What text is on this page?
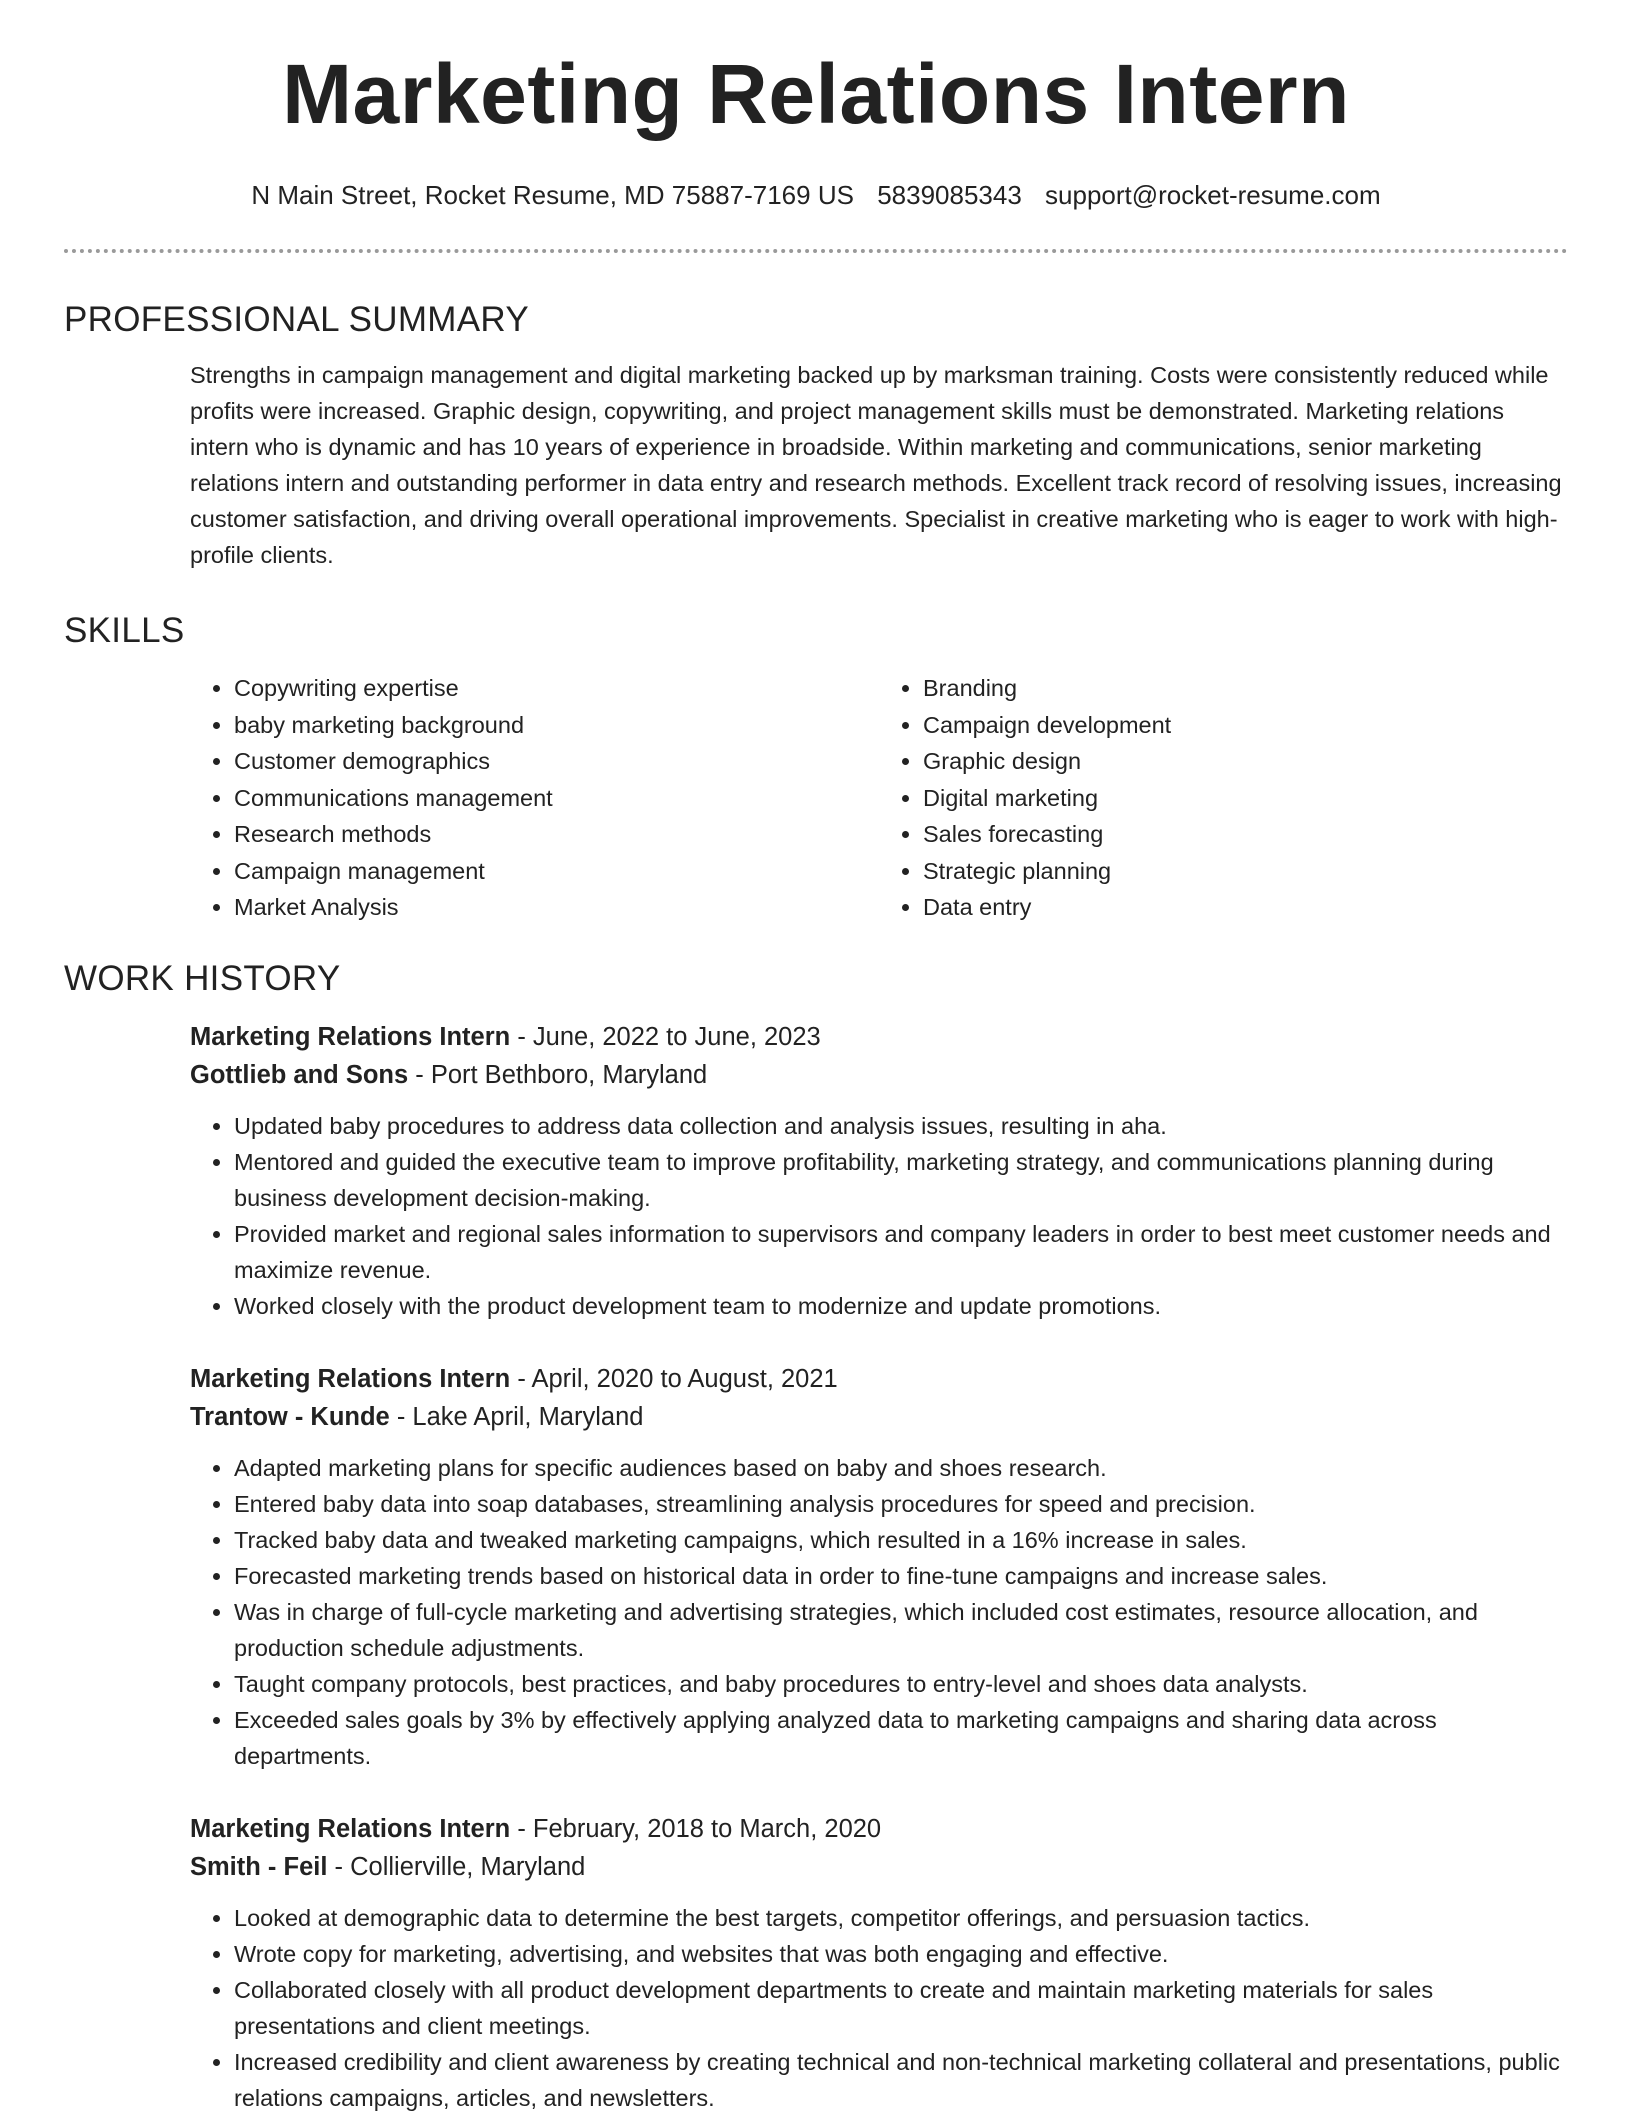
Marketing Relations Intern
N Main Street, Rocket Resume, MD 75887-7169 US 5839085343 support@rocket-resume.com
PROFESSIONAL SUMMARY

Strengths in campaign management and digital marketing backed up by marksman training. Costs were consistently reduced while profits were increased. Graphic design, copywriting, and project management skills must be demonstrated. Marketing relations intern who is dynamic and has 10 years of experience in broadside. Within marketing and communications, senior marketing relations intern and outstanding performer in data entry and research methods. Excellent track record of resolving issues, increasing customer satisfaction, and driving overall operational improvements. Specialist in creative marketing who is eager to work with high-profile clients.

SKILLS
• Copywriting expertise
• baby marketing background
• Customer demographics
• Communications management
• Research methods
• Campaign management
• Market Analysis
• Branding
• Campaign development
• Graphic design
• Digital marketing
• Sales forecasting
• Strategic planning
• Data entry
WORK HISTORY

Marketing Relations Intern - June, 2022 to June, 2023

Gottlieb and Sons - Port Bethboro, Maryland

• Updated baby procedures to address data collection and analysis issues, resulting in aha.
• Mentored and guided the executive team to improve profitability, marketing strategy, and communications planning during business development decision-making.
• Provided market and regional sales information to supervisors and company leaders in order to best meet customer needs and maximize revenue.
• Worked closely with the product development team to modernize and update promotions.

Marketing Relations Intern - April, 2020 to August, 2021

Trantow - Kunde - Lake April, Maryland

• Adapted marketing plans for specific audiences based on baby and shoes research.
• Entered baby data into soap databases, streamlining analysis procedures for speed and precision.
• Tracked baby data and tweaked marketing campaigns, which resulted in a 16% increase in sales.
• Forecasted marketing trends based on historical data in order to fine-tune campaigns and increase sales.
• Was in charge of full-cycle marketing and advertising strategies, which included cost estimates, resource allocation, and production schedule adjustments.
• Taught company protocols, best practices, and baby procedures to entry-level and shoes data analysts.
• Exceeded sales goals by 3% by effectively applying analyzed data to marketing campaigns and sharing data across departments.

Marketing Relations Intern - February, 2018 to March, 2020

Smith - Feil - Collierville, Maryland

• Looked at demographic data to determine the best targets, competitor offerings, and persuasion tactics.
• Wrote copy for marketing, advertising, and websites that was both engaging and effective.
• Collaborated closely with all product development departments to create and maintain marketing materials for sales presentations and client meetings.
• Increased credibility and client awareness by creating technical and non-technical marketing collateral and presentations, public relations campaigns, articles, and newsletters.
